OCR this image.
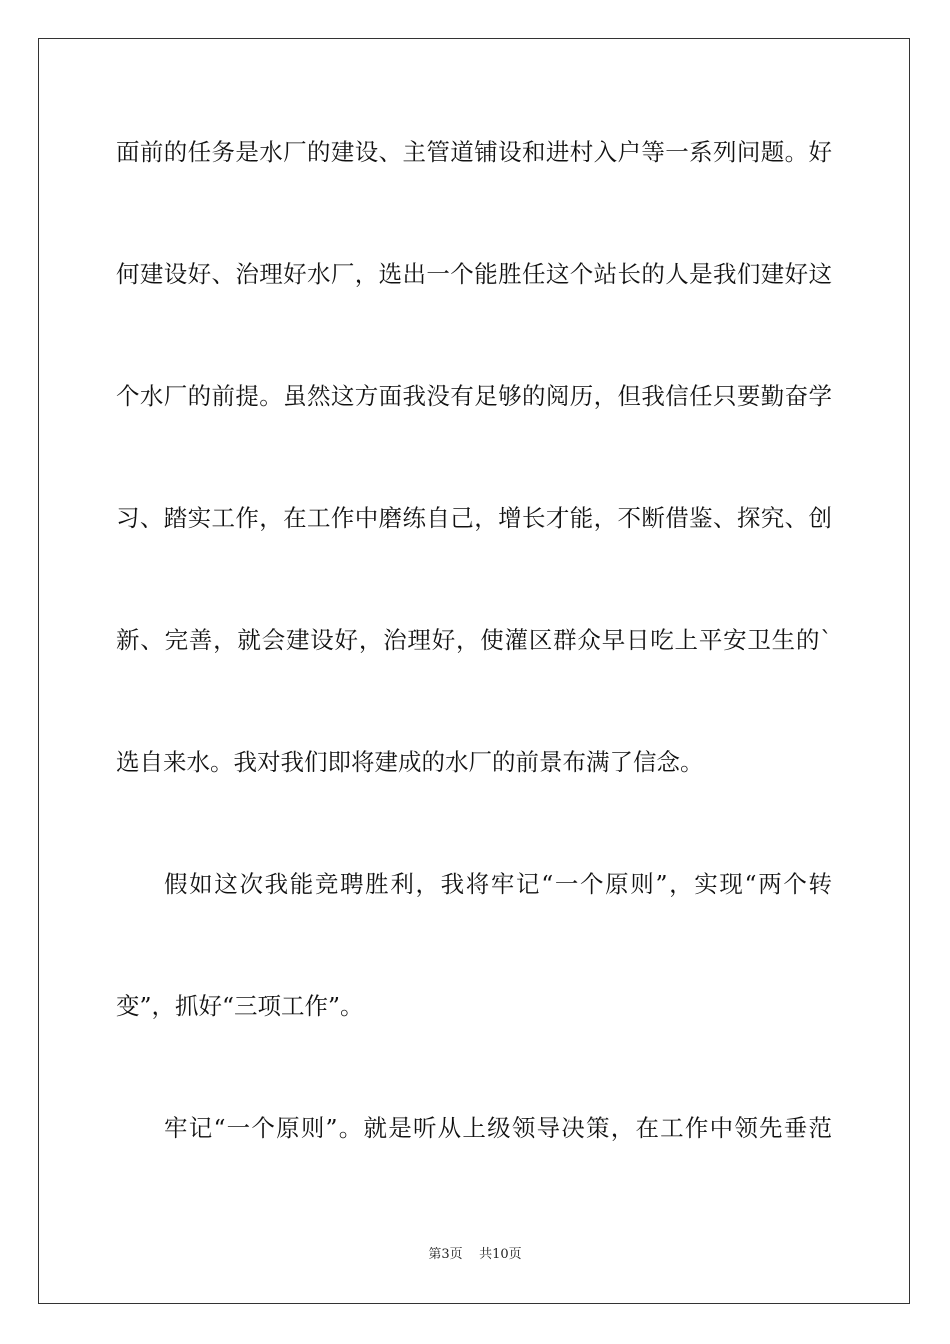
面前的任务是水厂的建设、主管道铺设和进村入户等一系列问题。好
何建设好、治理好水厂，选出一个能胜任这个站长的人是我们建好这
个水厂的前提。虽然这方面我没有足够的阅历，但我信任只要勤奋学
习、踏实工作，在工作中磨练自己，增长才能，不断借鉴、探究、创
新、完善，就会建设好，治理好，使灌区群众早日吃上平安卫生的`
选自来水。我对我们即将建成的水厂的前景布满了信念。
假如这次我能竞聘胜利，我将牢记“一个原则”，实现“两个转
变”，抓好“三项工作”。
牢记“一个原则”。就是听从上级领导决策，在工作中领先垂范
第3页 共10页
